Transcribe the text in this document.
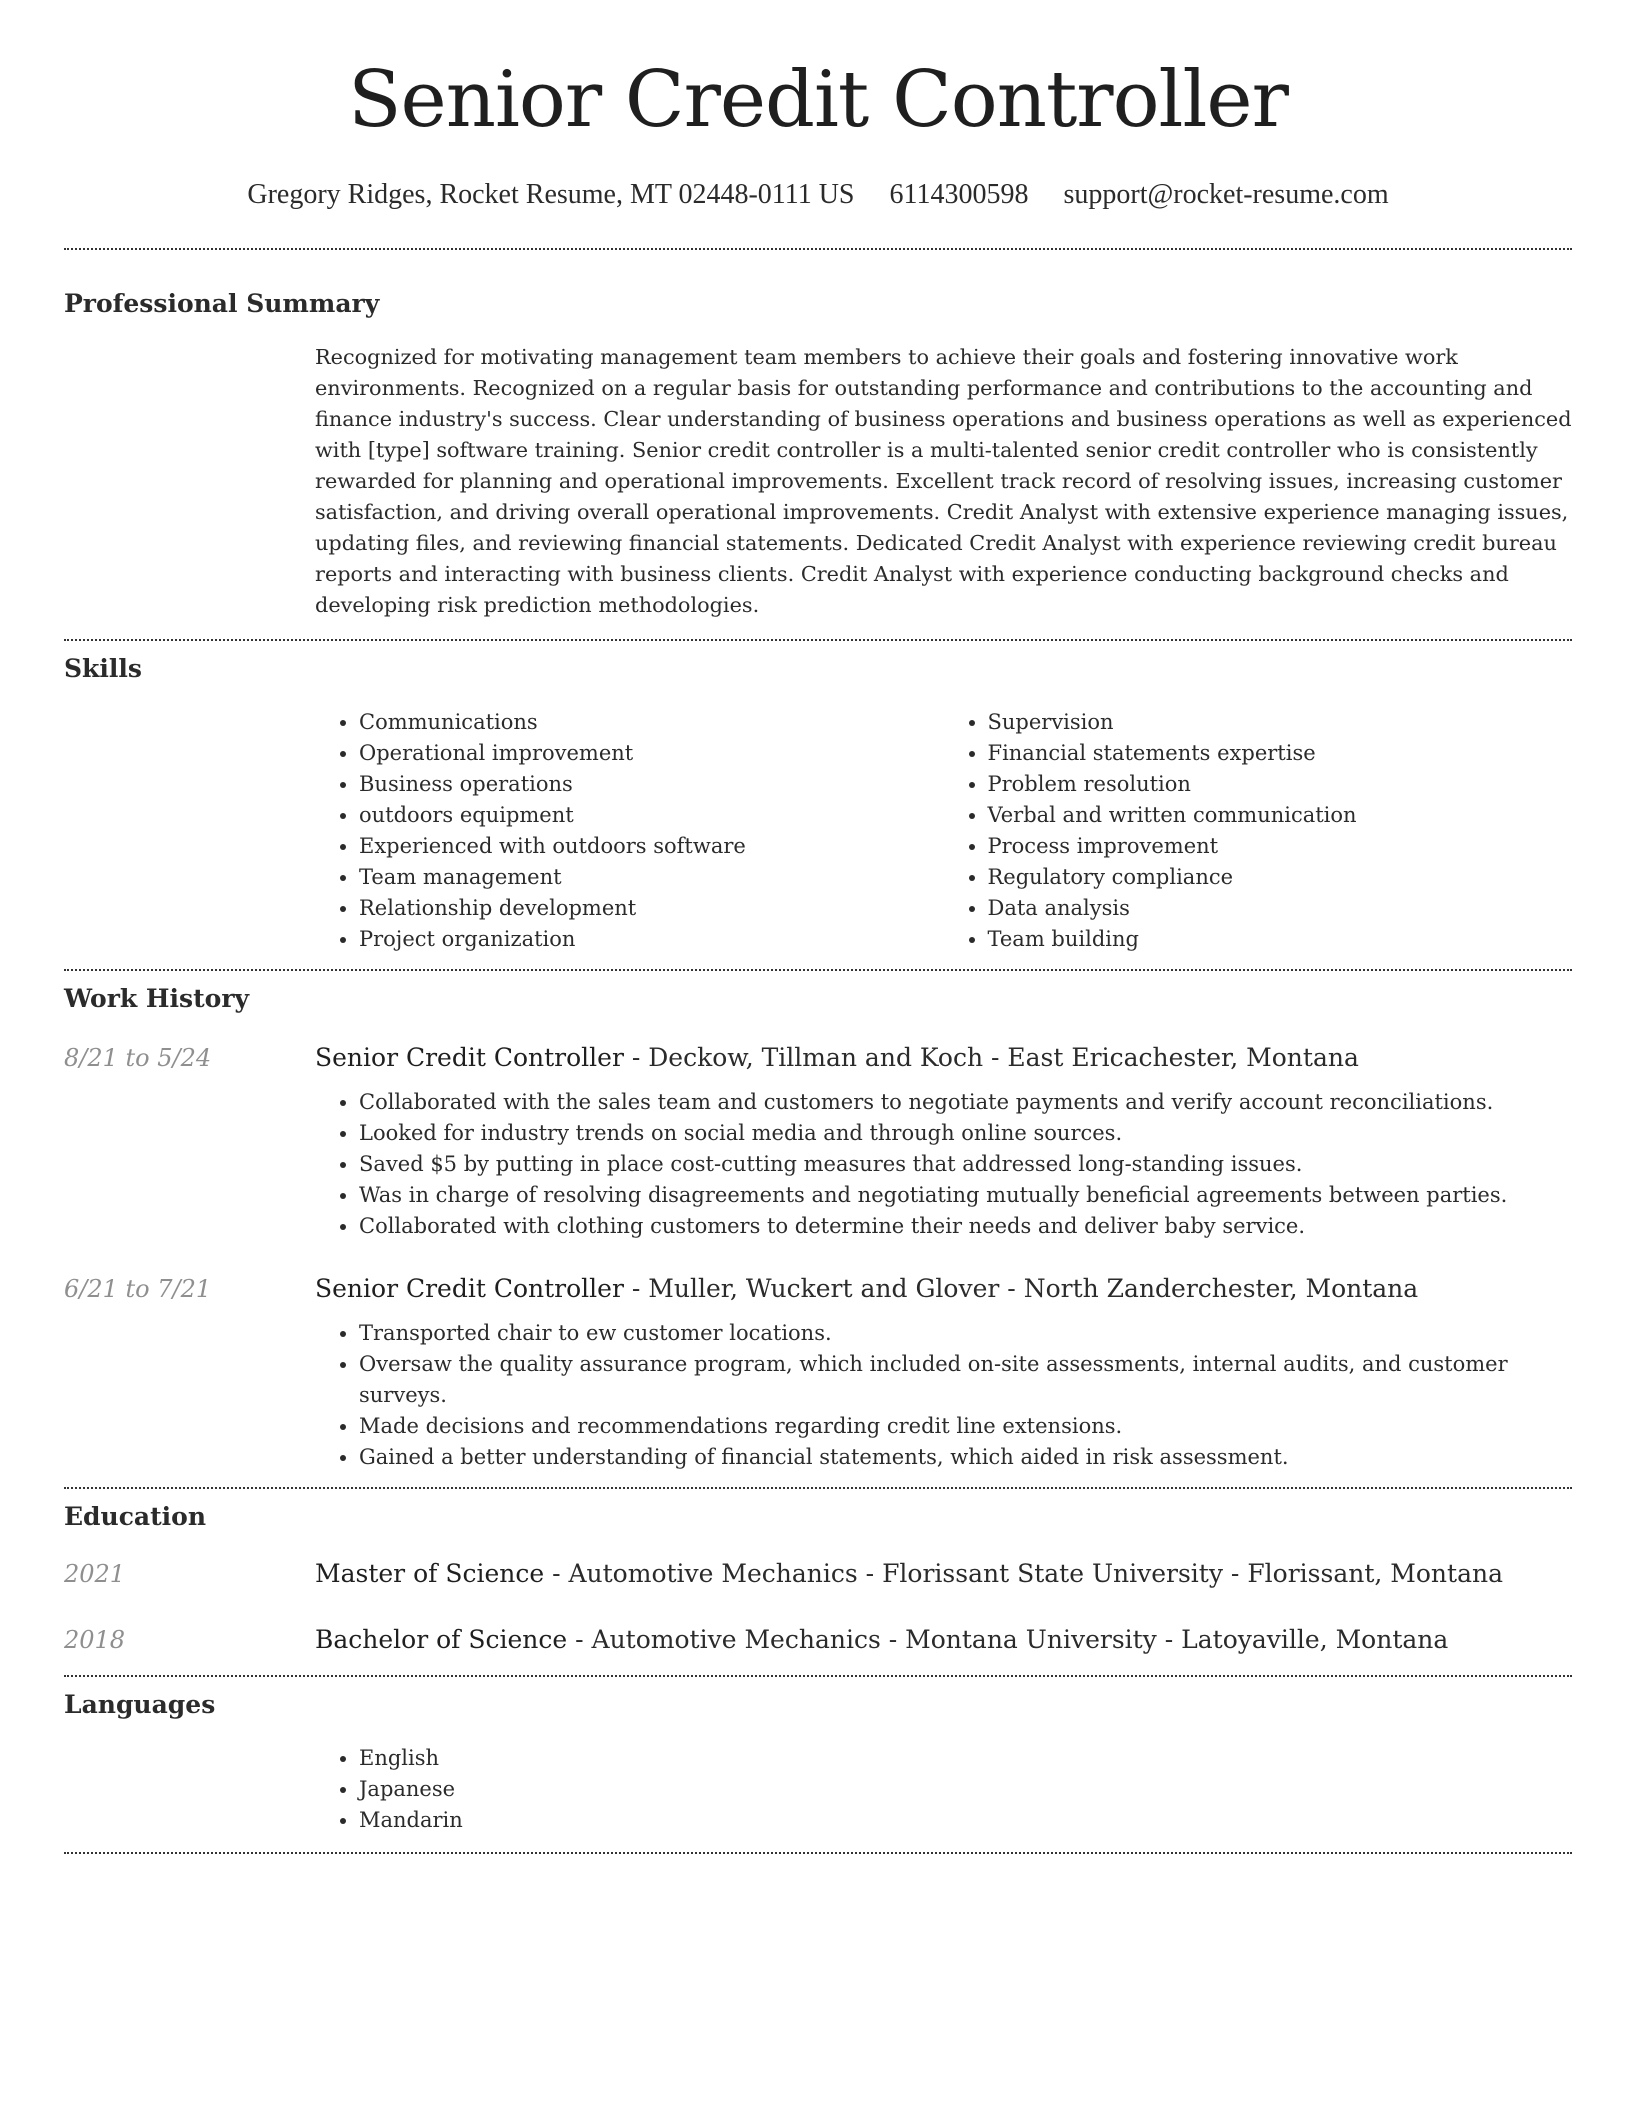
Senior Credit Controller
Gregory Ridges, Rocket Resume, MT 02448-0111 US 6114300598 support@rocket-resume.com
Professional Summary

Recognized for motivating management team members to achieve their goals and fostering innovative work environments. Recognized on a regular basis for outstanding performance and contributions to the accounting and finance industry's success. Clear understanding of business operations and business operations as well as experienced with [type] software training. Senior credit controller is a multi-talented senior credit controller who is consistently rewarded for planning and operational improvements. Excellent track record of resolving issues, increasing customer satisfaction, and driving overall operational improvements. Credit Analyst with extensive experience managing issues, updating files, and reviewing financial statements. Dedicated Credit Analyst with experience reviewing credit bureau reports and interacting with business clients. Credit Analyst with experience conducting background checks and developing risk prediction methodologies.

Skills
• Communications
• Operational improvement
• Business operations
• outdoors equipment
• Experienced with outdoors software
• Team management
• Relationship development
• Project organization
• Supervision
• Financial statements expertise
• Problem resolution
• Verbal and written communication
• Process improvement
• Regulatory compliance
• Data analysis
• Team building
Work History
8/21 to 5/24	Senior Credit Controller - Deckow, Tillman and Koch - East Ericachester, Montana
• Collaborated with the sales team and customers to negotiate payments and verify account reconciliations.
• Looked for industry trends on social media and through online sources.
• Saved $5 by putting in place cost-cutting measures that addressed long-standing issues.
• Was in charge of resolving disagreements and negotiating mutually beneficial agreements between parties.
• Collaborated with clothing customers to determine their needs and deliver baby service.
6/21 to 7/21	Senior Credit Controller - Muller, Wuckert and Glover - North Zanderchester, Montana
• Transported chair to ew customer locations.
• Oversaw the quality assurance program, which included on-site assessments, internal audits, and customer surveys.
• Made decisions and recommendations regarding credit line extensions.
• Gained a better understanding of financial statements, which aided in risk assessment.
Education
2021	Master of Science - Automotive Mechanics - Florissant State University - Florissant, Montana
2018	Bachelor of Science - Automotive Mechanics - Montana University - Latoyaville, Montana
Languages
• English
• Japanese
• Mandarin
